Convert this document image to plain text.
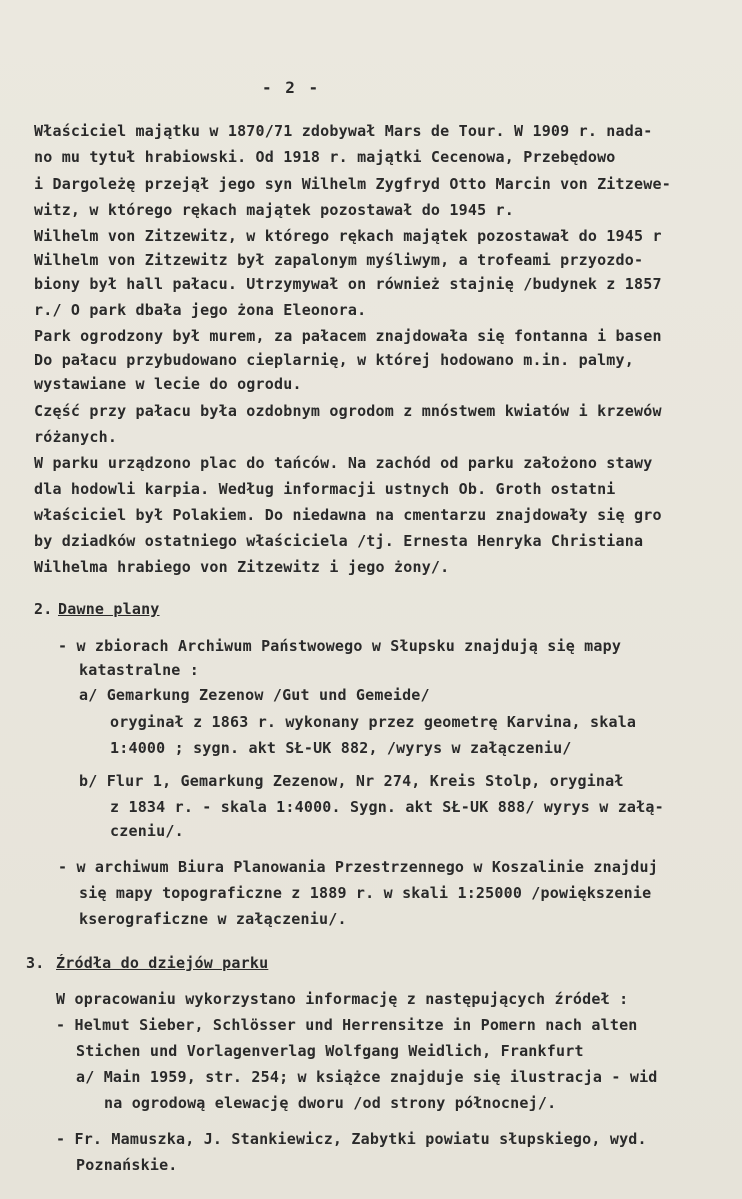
- 2 -
Właściciel majątku w 1870/71 zdobywał Mars de Tour. W 1909 r. nada-
no mu tytuł hrabiowski. Od 1918 r. majątki Cecenowa, Przebędowo
i Dargoleżę przejął jego syn Wilhelm Zygfryd Otto Marcin von Zitzewe-
witz, w którego rękach majątek pozostawał do 1945 r.
Wilhelm von Zitzewitz, w którego rękach majątek pozostawał do 1945 r
Wilhelm von Zitzewitz był zapalonym myśliwym, a trofeami przyozdo-
biony był hall pałacu. Utrzymywał on również stajnię /budynek z 1857
r./ O park dbała jego żona Eleonora.
Park ogrodzony był murem, za pałacem znajdowała się fontanna i basen
Do pałacu przybudowano cieplarnię, w której hodowano m.in. palmy,
wystawiane w lecie do ogrodu.
Część przy pałacu była ozdobnym ogrodom z mnóstwem kwiatów i krzewów
różanych.
W parku urządzono plac do tańców. Na zachód od parku założono stawy
dla hodowli karpia. Według informacji ustnych Ob. Groth ostatni
właściciel był Polakiem. Do niedawna na cmentarzu znajdowały się gro
by dziadków ostatniego właściciela /tj. Ernesta Henryka Christiana
Wilhelma hrabiego von Zitzewitz i jego żony/.
2. Dawne plany
- w zbiorach Archiwum Państwowego w Słupsku znajdują się mapy
katastralne :
a/ Gemarkung Zezenow /Gut und Gemeide/
oryginał z 1863 r. wykonany przez geometrę Karvina, skala
1:4000 ; sygn. akt SŁ-UK 882, /wyrys w załączeniu/
b/ Flur 1, Gemarkung Zezenow, Nr 274, Kreis Stolp, oryginał
z 1834 r. - skala 1:4000. Sygn. akt SŁ-UK 888/ wyrys w załą-
czeniu/.
- w archiwum Biura Planowania Przestrzennego w Koszalinie znajduj
się mapy topograficzne z 1889 r. w skali 1:25000 /powiększenie
kserograficzne w załączeniu/.
3. Źródła do dziejów parku
W opracowaniu wykorzystano informację z następujących źródeł :
- Helmut Sieber, Schlösser und Herrensitze in Pomern nach alten
Stichen und Vorlagenverlag Wolfgang Weidlich, Frankfurt
a/ Main 1959, str. 254; w książce znajduje się ilustracja - wid
na ogrodową elewację dworu /od strony północnej/.
- Fr. Mamuszka, J. Stankiewicz, Zabytki powiatu słupskiego, wyd.
Poznańskie.
